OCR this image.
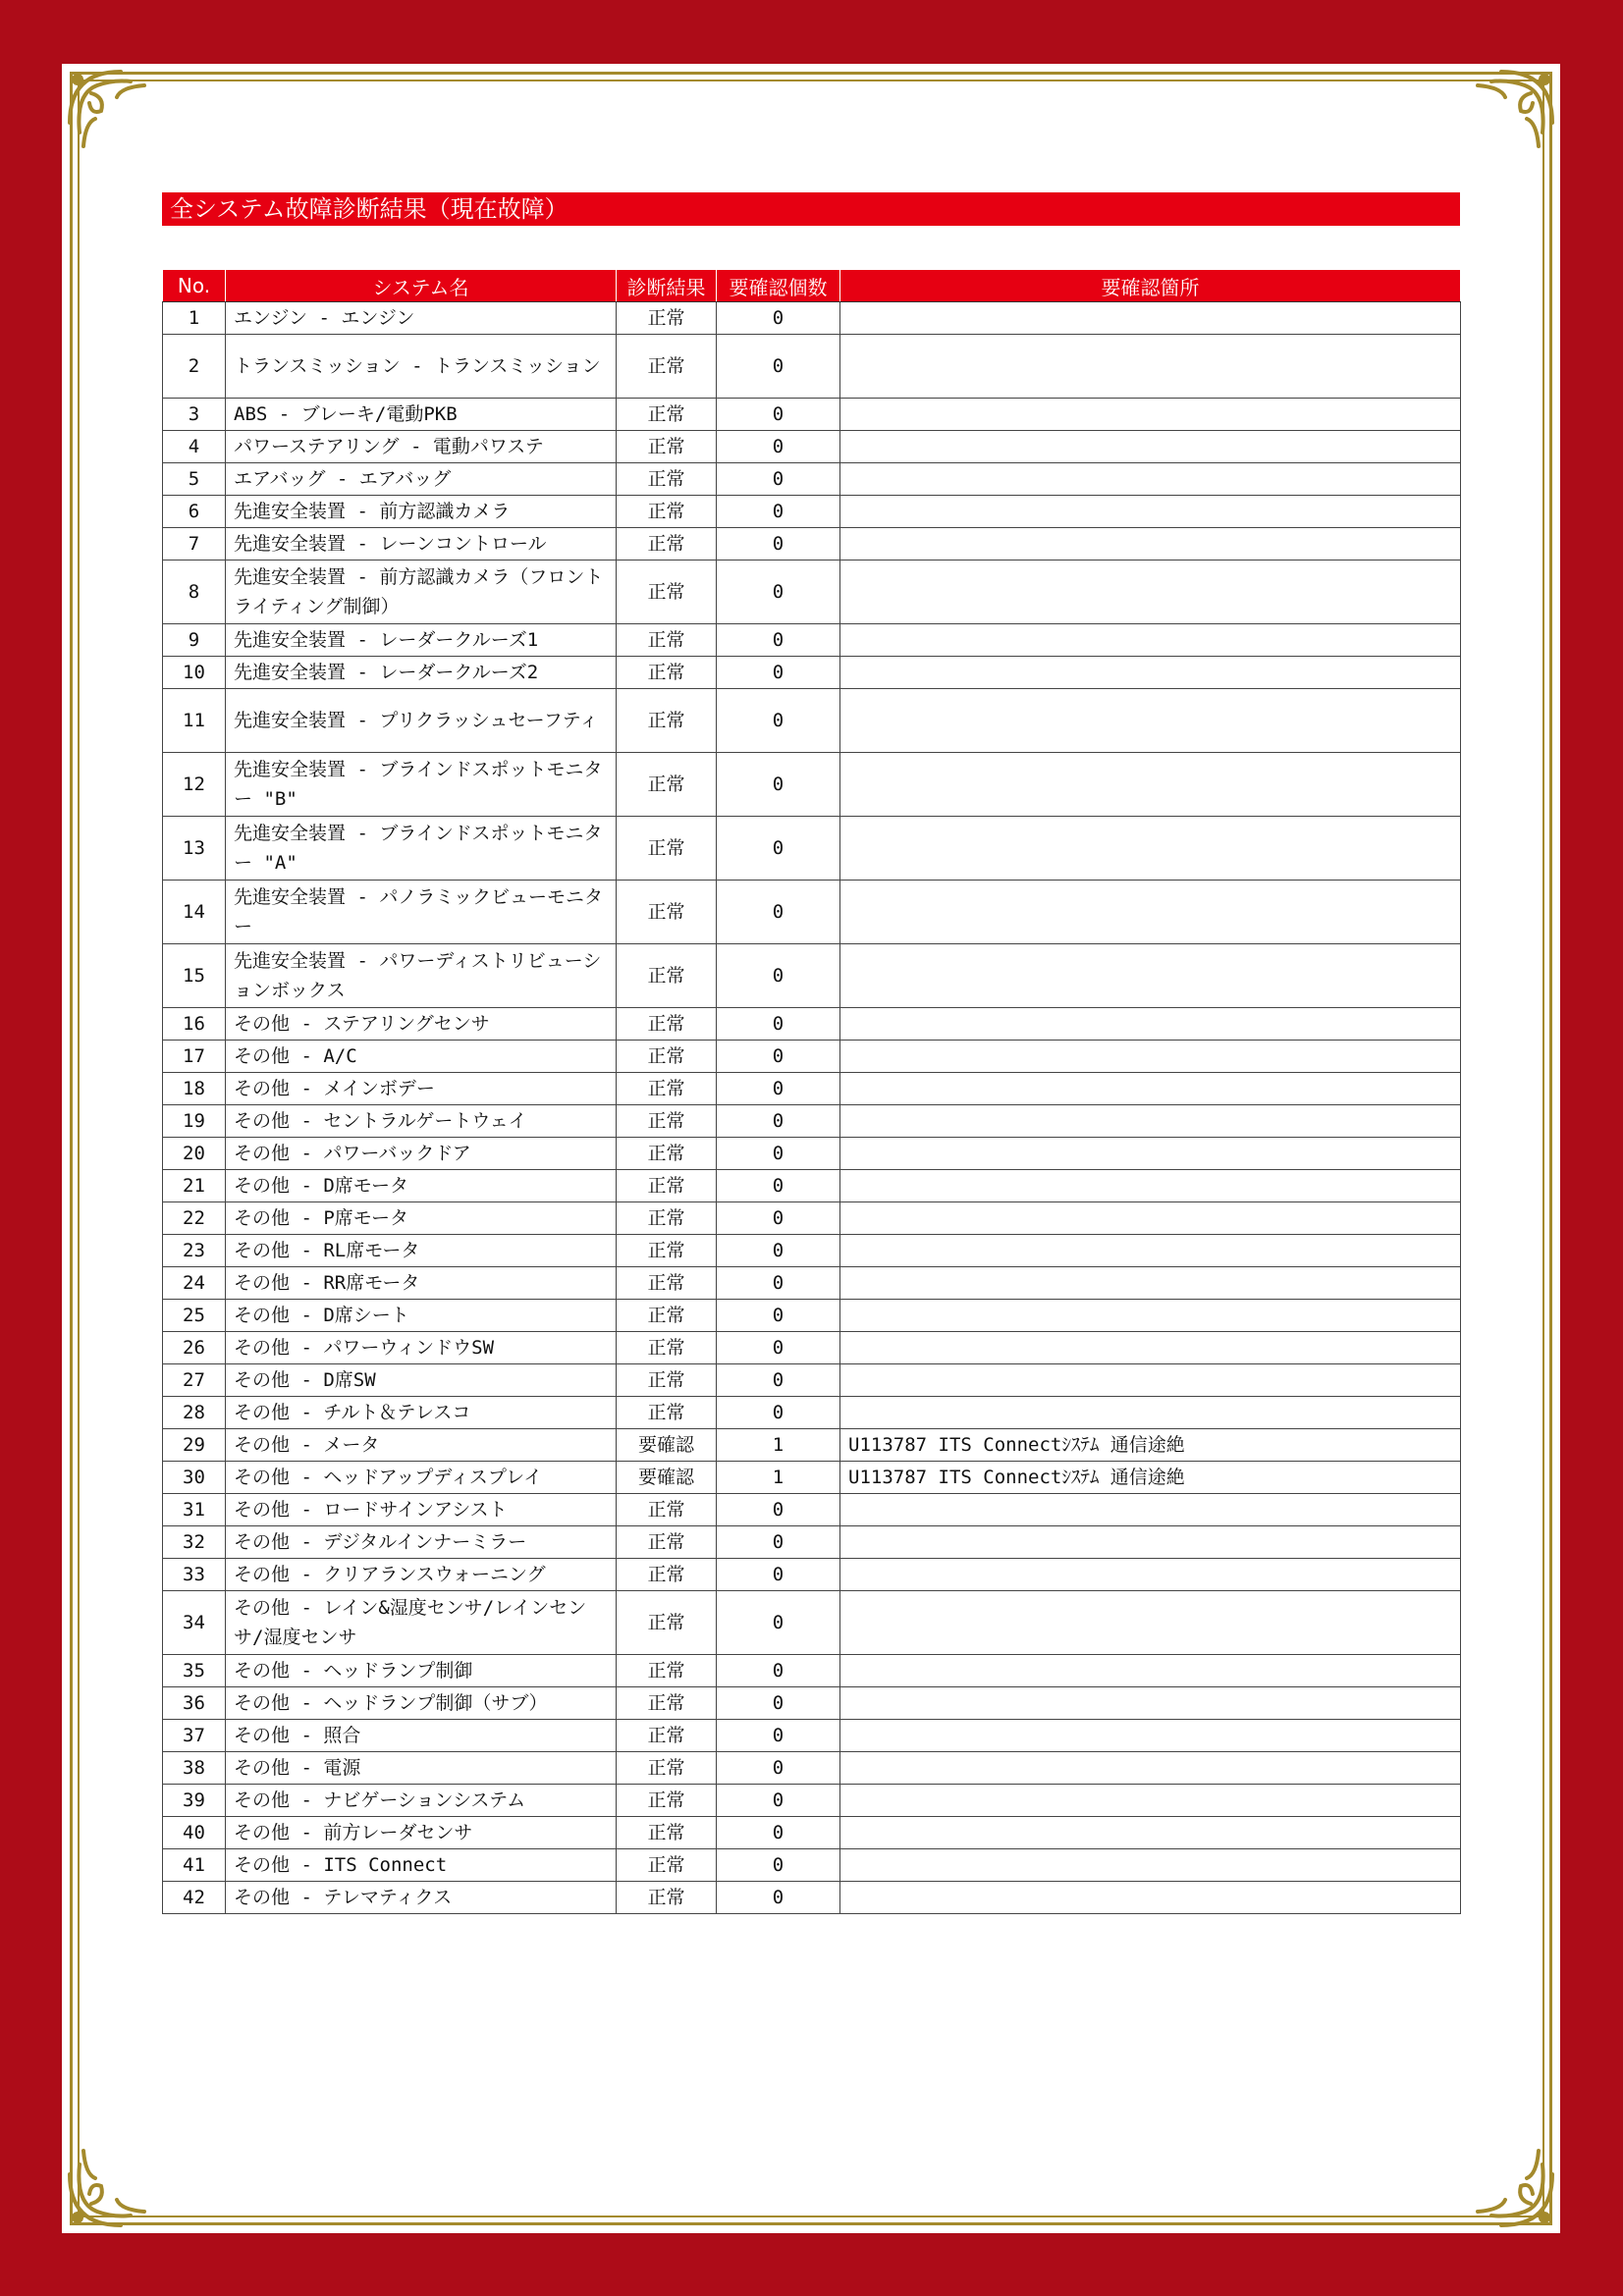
全システム故障診断結果（現在故障）
No.	システム名	診断結果	要確認個数	要確認箇所
1	エンジン - エンジン	正常	0	
2	トランスミッション - トランスミッション	正常	0	
3	ABS - ブレーキ/電動PKB	正常	0	
4	パワーステアリング - 電動パワステ	正常	0	
5	エアバッグ - エアバッグ	正常	0	
6	先進安全装置 - 前方認識カメラ	正常	0	
7	先進安全装置 - レーンコントロール	正常	0	
8	先進安全装置 - 前方認識カメラ（フロントライティング制御）	正常	0	
9	先進安全装置 - レーダークルーズ1	正常	0	
10	先進安全装置 - レーダークルーズ2	正常	0	
11	先進安全装置 - プリクラッシュセーフティ	正常	0	
12	先進安全装置 - ブラインドスポットモニター "B"	正常	0	
13	先進安全装置 - ブラインドスポットモニター "A"	正常	0	
14	先進安全装置 - パノラミックビューモニター	正常	0	
15	先進安全装置 - パワーディストリビューションボックス	正常	0	
16	その他 - ステアリングセンサ	正常	0	
17	その他 - A/C	正常	0	
18	その他 - メインボデー	正常	0	
19	その他 - セントラルゲートウェイ	正常	0	
20	その他 - パワーバックドア	正常	0	
21	その他 - D席モータ	正常	0	
22	その他 - P席モータ	正常	0	
23	その他 - RL席モータ	正常	0	
24	その他 - RR席モータ	正常	0	
25	その他 - D席シート	正常	0	
26	その他 - パワーウィンドウSW	正常	0	
27	その他 - D席SW	正常	0	
28	その他 - チルト＆テレスコ	正常	0	
29	その他 - メータ	要確認	1	U113787 ITS Connectｼｽﾃﾑ 通信途絶
30	その他 - ヘッドアップディスプレイ	要確認	1	U113787 ITS Connectｼｽﾃﾑ 通信途絶
31	その他 - ロードサインアシスト	正常	0	
32	その他 - デジタルインナーミラー	正常	0	
33	その他 - クリアランスウォーニング	正常	0	
34	その他 - レイン&湿度センサ/レインセンサ/湿度センサ	正常	0	
35	その他 - ヘッドランプ制御	正常	0	
36	その他 - ヘッドランプ制御（サブ）	正常	0	
37	その他 - 照合	正常	0	
38	その他 - 電源	正常	0	
39	その他 - ナビゲーションシステム	正常	0	
40	その他 - 前方レーダセンサ	正常	0	
41	その他 - ITS Connect	正常	0	
42	その他 - テレマティクス	正常	0	
